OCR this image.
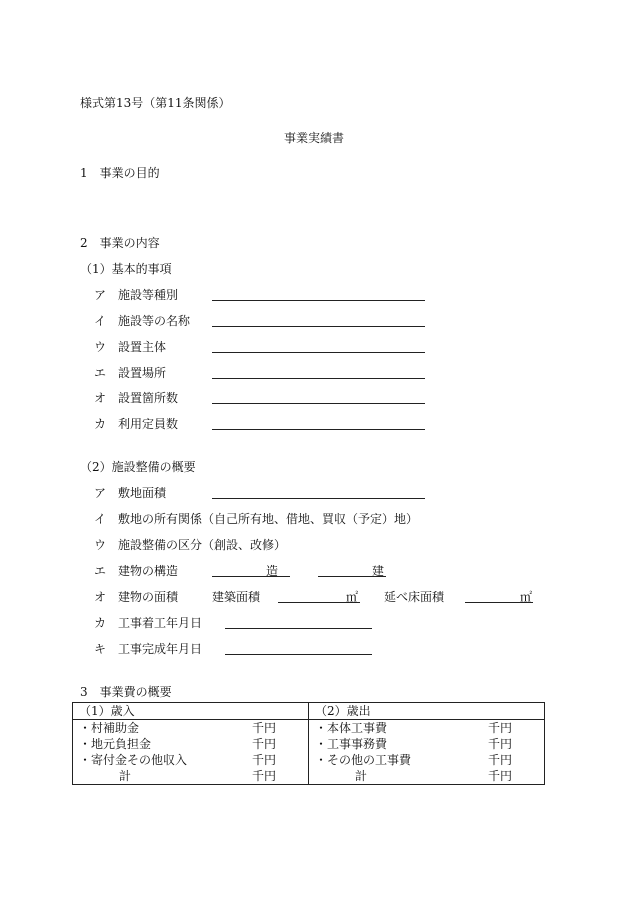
様式第13号（第11条関係）
事業実績書
1　事業の目的
2　事業の内容
（1）基本的事項
ア 施設等種別
イ 施設等の名称
ウ 設置主体
エ 設置場所
オ 設置箇所数
カ 利用定員数
（2）施設整備の概要
ア 敷地面積
イ 敷地の所有関係（自己所有地、借地、買収（予定）地）
ウ 施設整備の区分（創設、改修）
エ 建物の構造	造	建
オ 建物の面積	建築面積	㎡ 延べ床面積	㎡
カ 工事着工年月日
キ 工事完成年月日
3　事業費の概要
（1）歳入	（2）歳出

・村補助金 千円	・本体工事費 千円

・地元負担金 千円	・工事事務費 千円

・寄付金その他収入 千円	・その他の工事費 千円

計 千円	計 千円
